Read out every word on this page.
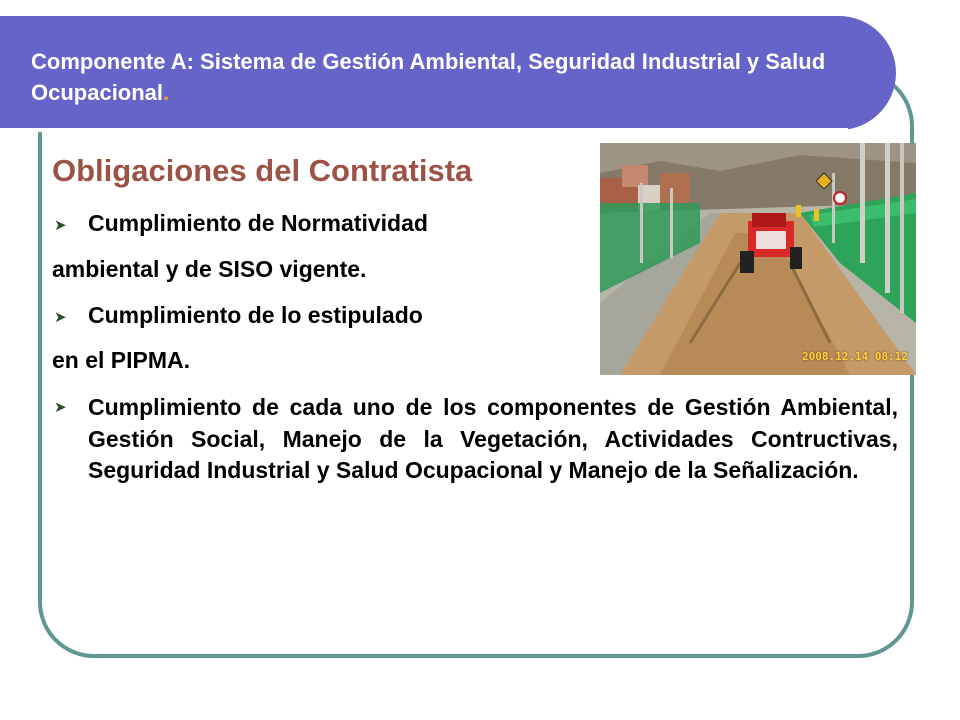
Componente A: Sistema de Gestión Ambiental, Seguridad Industrial y Salud Ocupacional.

2008.12.14 08:12
Obligaciones del Contratista
➤ Cumplimiento de Normatividad

ambiental y de SISO vigente.

➤ Cumplimiento de lo estipulado

en el PIPMA.

➤ Cumplimiento de cada uno de los componentes de Gestión Ambiental, Gestión Social, Manejo de la Vegetación, Actividades Contructivas, Seguridad Industrial y Salud Ocupacional y Manejo de la Señalización.
